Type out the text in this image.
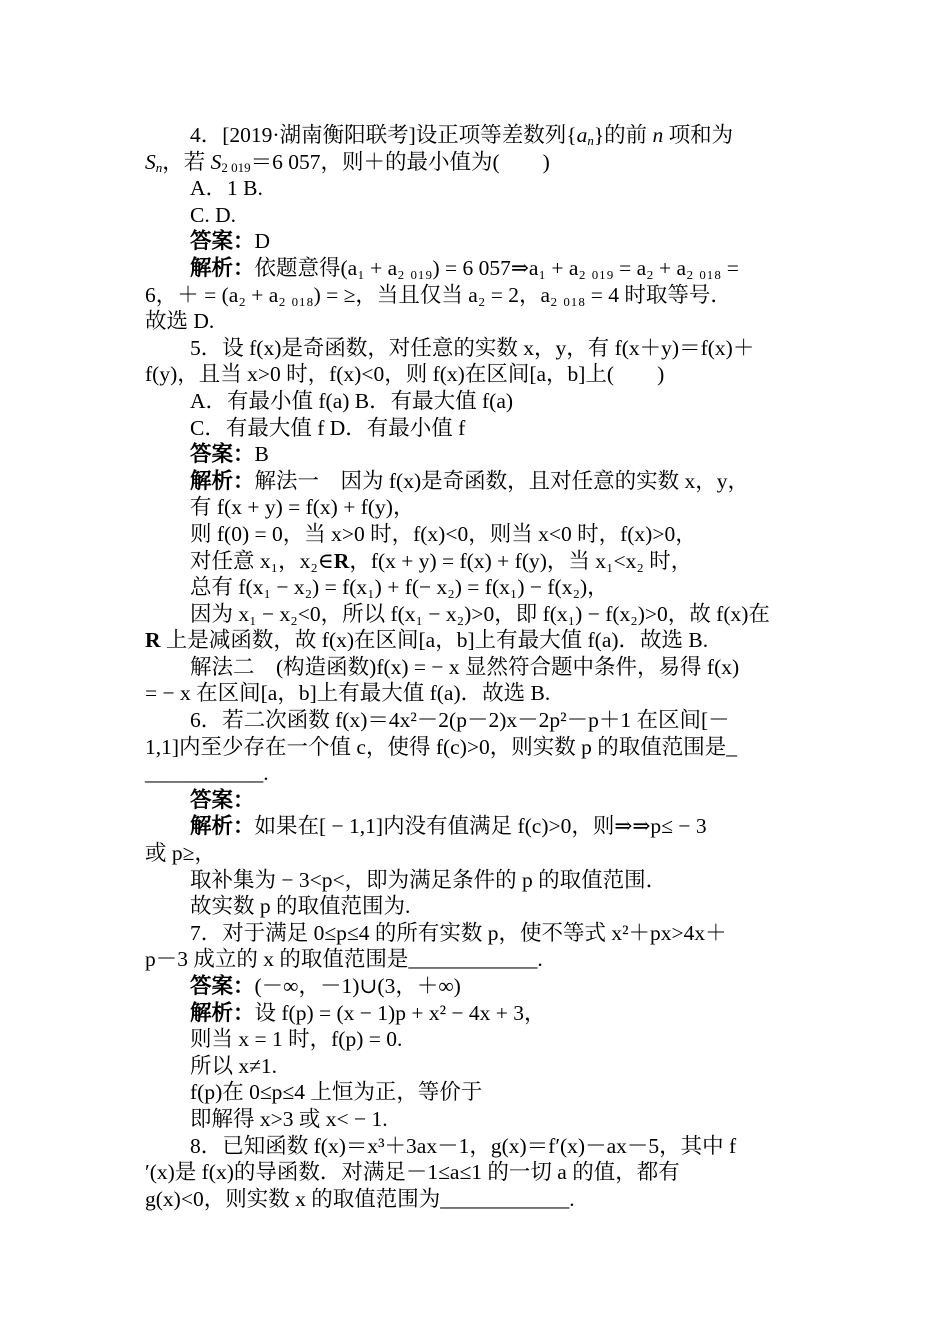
4．[2019·湖南衡阳联考]设正项等差数列$\{a_n\}$的前 n 项和为
$S_n$，若 $S_{2 019}=6$ 057，则＋的最小值为(　　)
A．1 B.
C. D.
答案：D
解析：依题意得(a₁ + a₂ ₀₁₉) = 6 057⇒a₁ + a₂ ₀₁₉ = a₂ + a₂ ₀₁₈ =
6，＋ = (a₂ + a₂ ₀₁₈) = ≥，当且仅当 a₂ = 2，a₂ ₀₁₈ = 4 时取等号．
故选 D.
5．设 f(x)是奇函数，对任意的实数 x，y，有 f(x＋y)＝f(x)＋
f(y)，且当 x>0 时，f(x)<0，则 f(x)在区间[a，b]上(　　)
A．有最小值 f(a) B．有最大值 f(a)
C．有最大值 f D．有最小值 f
答案：B
解析：解法一　因为 f(x)是奇函数，且对任意的实数 x，y，
有 f(x + y) = f(x) + f(y)，
则 f(0) = 0，当 x>0 时，f(x)<0，则当 x<0 时，f(x)>0，
对任意 x₁，x₂∈R，f(x + y) = f(x) + f(y)，当 x₁<x₂ 时，
总有 f(x₁ − x₂) = f(x₁) + f(− x₂) = f(x₁) − f(x₂)，
因为 x₁ − x₂<0，所以 f(x₁ − x₂)>0，即 f(x₁) − f(x₂)>0，故 f(x)在
R 上是减函数，故 f(x)在区间[a，b]上有最大值 f(a)．故选 B.
解法二　(构造函数)f(x) = − x 显然符合题中条件，易得 f(x)
= − x 在区间[a，b]上有最大值 f(a)．故选 B.
6．若二次函数 f(x)＝4x²－2(p－2)x－2p²－p＋1 在区间[－
1,1]内至少存在一个值 c，使得 f(c)>0，则实数 p 的取值范围是_
___________.
答案：
解析：如果在[ − 1,1]内没有值满足 f(c)>0，则⇒⇒p≤ − 3
或 p≥，
取补集为 − 3<p<，即为满足条件的 p 的取值范围．
故实数 p 的取值范围为.
7．对于满足 0≤p≤4 的所有实数 p，使不等式 x²＋px>4x＋
p－3 成立的 x 的取值范围是____________.
答案：(－∞，－1)∪(3，＋∞)
解析：设 f(p) = (x − 1)p + x² − 4x + 3，
则当 x = 1 时，f(p) = 0.
所以 x≠1.
f(p)在 0≤p≤4 上恒为正，等价于
即解得 x>3 或 x< − 1.
8．已知函数 f(x)＝x³＋3ax－1，g(x)＝f′(x)－ax－5，其中 f
′(x)是 f(x)的导函数．对满足－1≤a≤1 的一切 a 的值，都有
g(x)<0，则实数 x 的取值范围为____________.
